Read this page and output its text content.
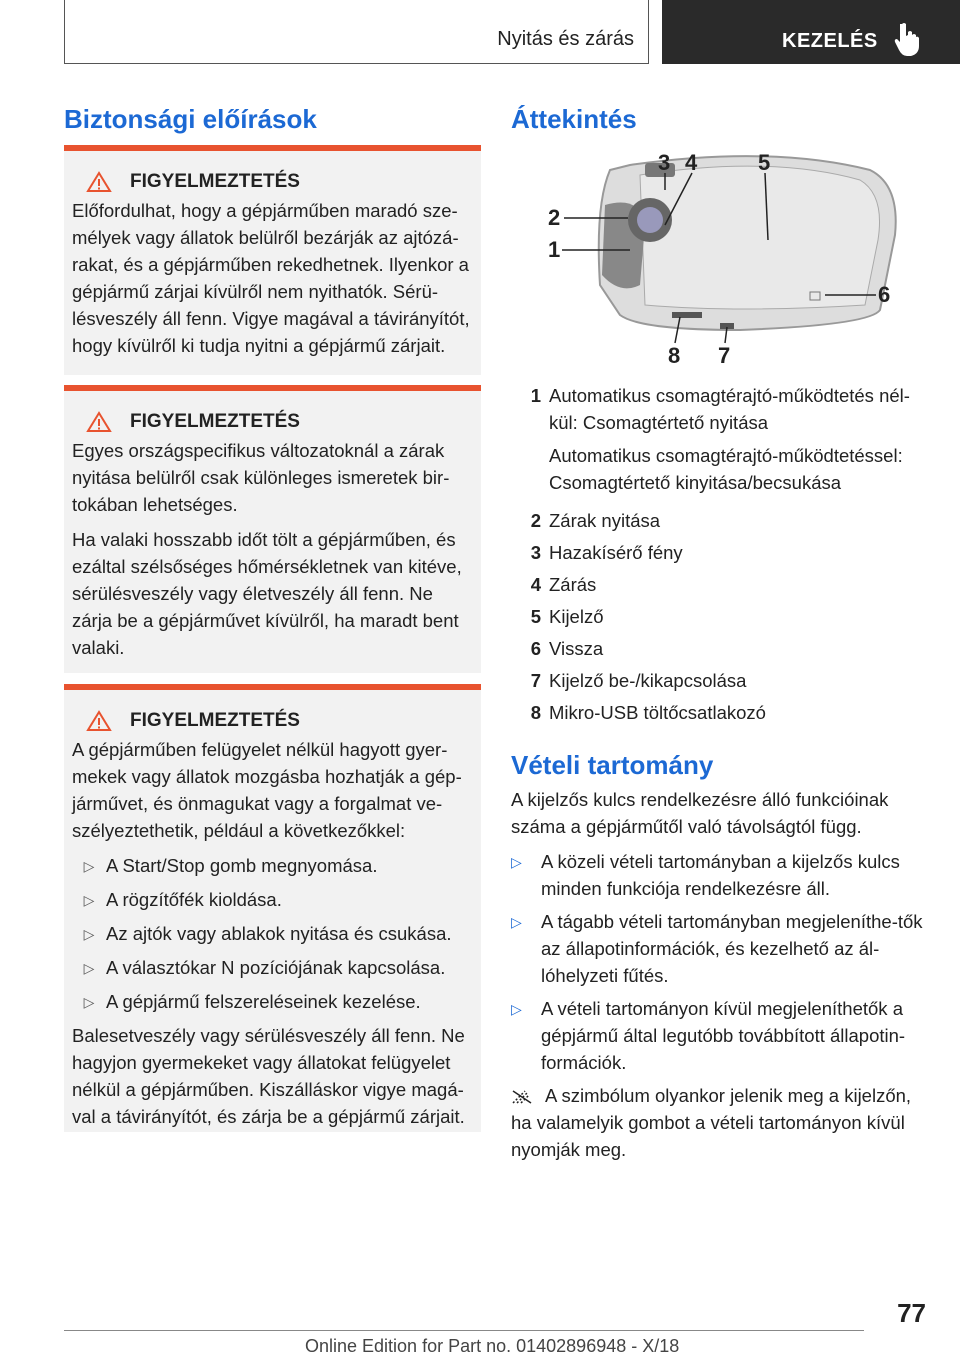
Nyitás és zárás	KEZELÉS
Biztonsági előírások
FIGYELMEZTETÉS

Előfordulhat, hogy a gépjárműben maradó sze-mélyek vagy állatok belülről bezárják az ajtózá-rakat, és a gépjárműben rekedhetnek. Ilyenkor a gépjármű zárjai kívülről nem nyithatók. Sérü-lésveszély áll fenn. Vigye magával a távirányítót, hogy kívülről ki tudja nyitni a gépjármű zárjait.

FIGYELMEZTETÉS

Egyes országspecifikus változatoknál a zárak nyitása belülről csak különleges ismeretek bir-tokában lehetséges.

Ha valaki hosszabb időt tölt a gépjárműben, és ezáltal szélsőséges hőmérsékletnek van kitéve, sérülésveszély vagy életveszély áll fenn. Ne zárja be a gépjárművet kívülről, ha maradt bent valaki.

FIGYELMEZTETÉS

A gépjárműben felügyelet nélkül hagyott gyer-mekek vagy állatok mozgásba hozhatják a gép-járművet, és önmagukat vagy a forgalmat ve-szélyeztethetik, például a következőkkel:

▷ A Start/Stop gomb megnyomása.
▷ A rögzítőfék kioldása.
▷ Az ajtók vagy ablakok nyitása és csukása.
▷ A választókar N pozíciójának kapcsolása.
▷ A gépjármű felszereléseinek kezelése.

Balesetveszély vagy sérülésveszély áll fenn. Ne hagyjon gyermekeket vagy állatokat felügyelet nélkül a gépjárműben. Kiszálláskor vigye magá-val a távirányítót, és zárja be a gépjármű zárjait.

Áttekintés
1
2
3 4	5
6
7
8
1 Automatikus csomagtérajtó-működtetés nél-kül: Csomagtértető nyitása

Automatikus csomagtérajtó-működtetéssel: Csomagtértető kinyitása/becsukása

2 Zárak nyitása
3 Hazakísérő fény
4 Zárás
5 Kijelző
6 Vissza
7 Kijelző be-/kikapcsolása
8 Mikro-USB töltőcsatlakozó
Vételi tartomány

A kijelzős kulcs rendelkezésre álló funkcióinak száma a gépjárműtől való távolságtól függ.

▷	A közeli vételi tartományban a kijelzős kulcs minden funkciója rendelkezésre áll.
▷	A tágabb vételi tartományban megjeleníthe-tők az állapotinformációk, és kezelhető az ál-lóhelyzeti fűtés.
▷	A vételi tartományon kívül megjeleníthetők a gépjármű által legutóbb továbbított állapotin-formációk.

A szimbólum olyankor jelenik meg a kijelzőn, ha valamelyik gombot a vételi tartományon kívül nyomják meg.

77
Online Edition for Part no. 01402896948 - X/18
